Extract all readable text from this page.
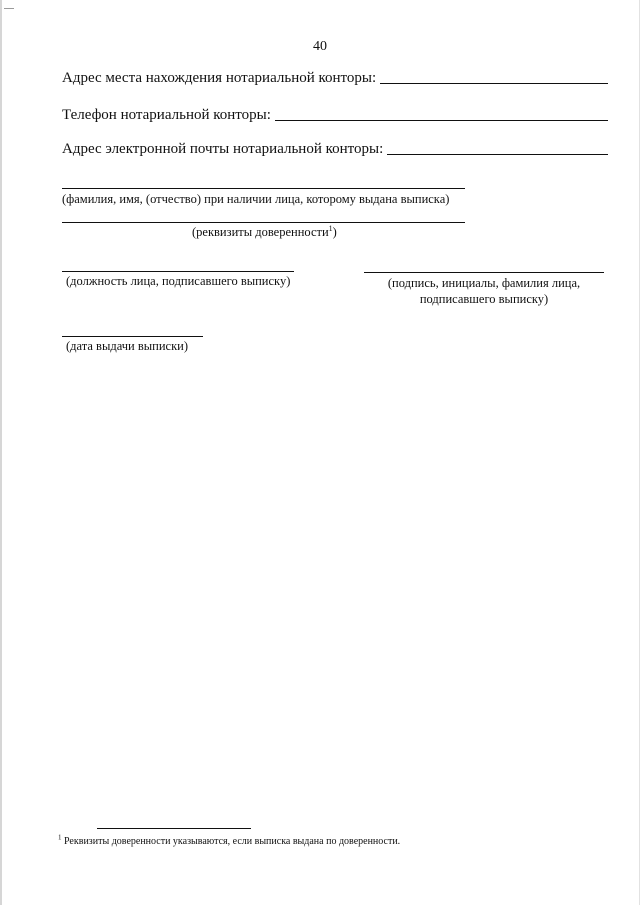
40
Адрес места нахождения нотариальной конторы:
Телефон нотариальной конторы:
Адрес электронной почты нотариальной конторы:
(фамилия, имя, (отчество) при наличии лица, которому выдана выписка)
(реквизиты доверенности$^1$)
(должность лица, подписавшего выписку)	(подпись, инициалы, фамилия лица,
подписавшего выписку)
(дата выдачи выписки)
$^1$ Реквизиты доверенности указываются, если выписка выдана по доверенности.
